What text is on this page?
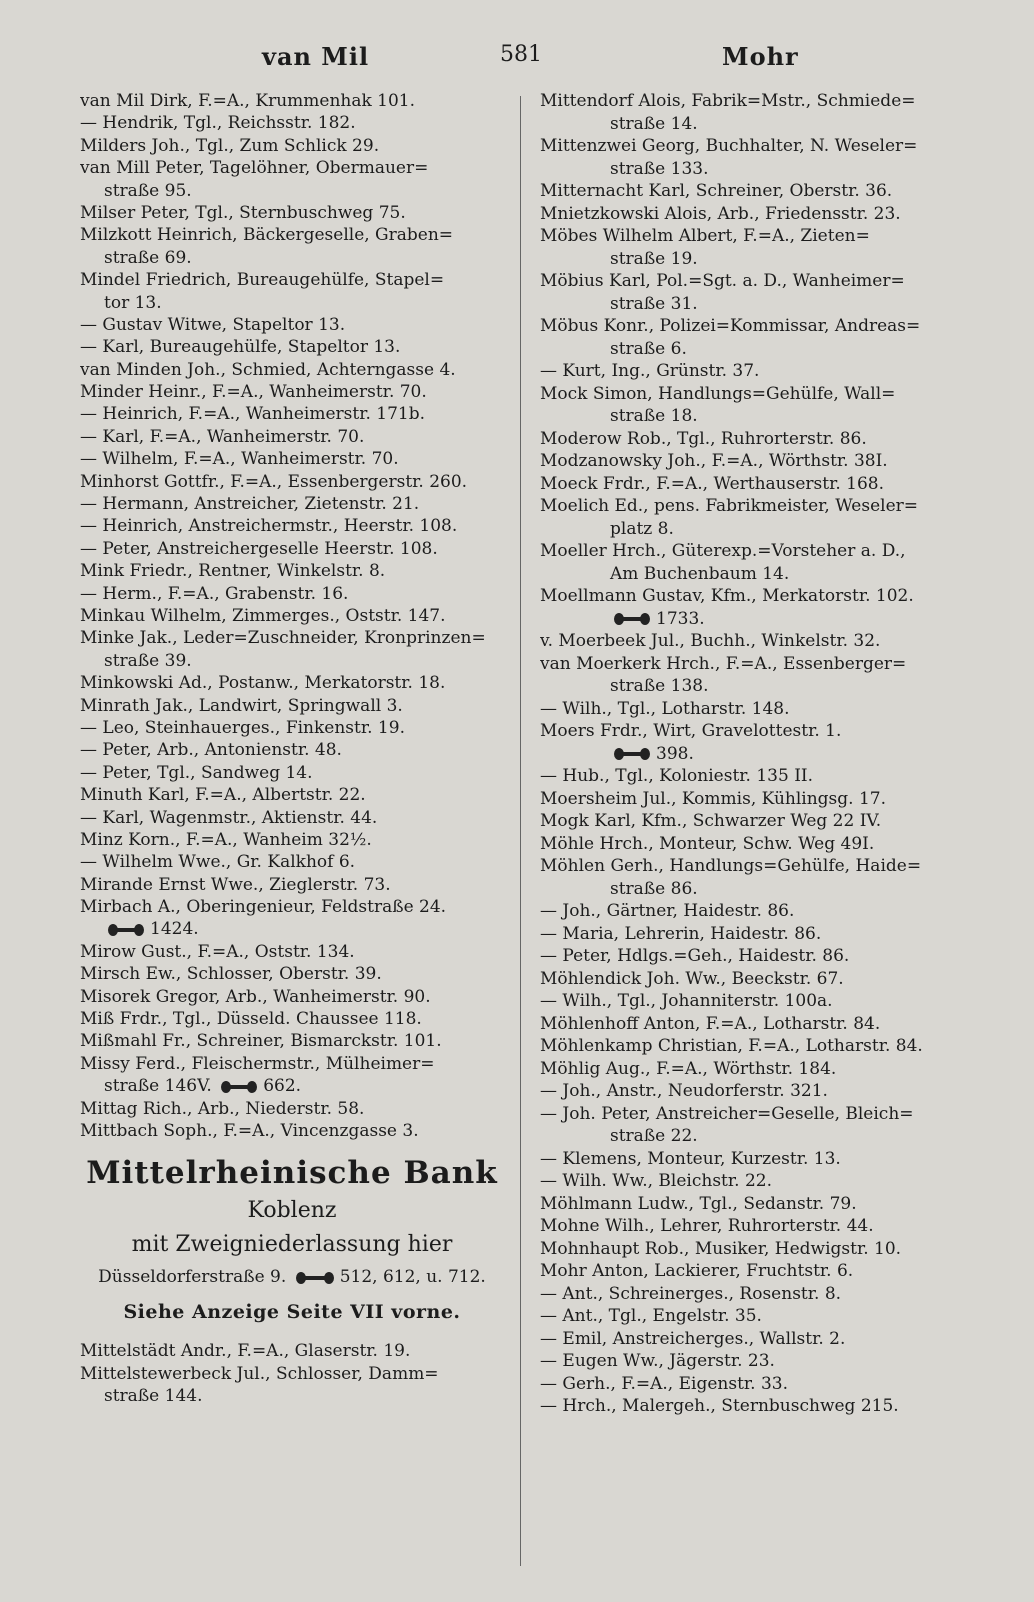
van Mil	581	Mohr
van Mil Dirk, F.=A., Krummenhak 101.
— Hendrik, Tgl., Reichsstr. 182.
Milders Joh., Tgl., Zum Schlick 29.
van Mill Peter, Tagelöhner, Obermauer=
straße 95.
Milser Peter, Tgl., Sternbuschweg 75.
Milzkott Heinrich, Bäckergeselle, Graben=
straße 69.
Mindel Friedrich, Bureaugehülfe, Stapel=
tor 13.
— Gustav Witwe, Stapeltor 13.
— Karl, Bureaugehülfe, Stapeltor 13.
van Minden Joh., Schmied, Achterngasse 4.
Minder Heinr., F.=A., Wanheimerstr. 70.
— Heinrich, F.=A., Wanheimerstr. 171b.
— Karl, F.=A., Wanheimerstr. 70.
— Wilhelm, F.=A., Wanheimerstr. 70.
Minhorst Gottfr., F.=A., Essenbergerstr. 260.
— Hermann, Anstreicher, Zietenstr. 21.
— Heinrich, Anstreichermstr., Heerstr. 108.
— Peter, Anstreichergeselle Heerstr. 108.
Mink Friedr., Rentner, Winkelstr. 8.
— Herm., F.=A., Grabenstr. 16.
Minkau Wilhelm, Zimmerges., Oststr. 147.
Minke Jak., Leder=Zuschneider, Kronprinzen=
straße 39.
Minkowski Ad., Postanw., Merkatorstr. 18.
Minrath Jak., Landwirt, Springwall 3.
— Leo, Steinhauerges., Finkenstr. 19.
— Peter, Arb., Antonienstr. 48.
— Peter, Tgl., Sandweg 14.
Minuth Karl, F.=A., Albertstr. 22.
— Karl, Wagenmstr., Aktienstr. 44.
Minz Korn., F.=A., Wanheim 32½.
— Wilhelm Wwe., Gr. Kalkhof 6.
Mirande Ernst Wwe., Zieglerstr. 73.
Mirbach A., Oberingenieur, Feldstraße 24.
1424.
Mirow Gust., F.=A., Oststr. 134.
Mirsch Ew., Schlosser, Oberstr. 39.
Misorek Gregor, Arb., Wanheimerstr. 90.
Miß Frdr., Tgl., Düsseld. Chaussee 118.
Mißmahl Fr., Schreiner, Bismarckstr. 101.
Missy Ferd., Fleischermstr., Mülheimer=
straße 146V.	662.
Mittag Rich., Arb., Niederstr. 58.
Mittbach Soph., F.=A., Vincenzgasse 3.
Mittelrheinische Bank
Koblenz
mit Zweigniederlassung hier
Düsseldorferstraße 9.	512, 612, u. 712.
Siehe Anzeige Seite VII vorne.
Mittelstädt Andr., F.=A., Glaserstr. 19.
Mittelstewerbeck Jul., Schlosser, Damm=
straße 144.
Mittendorf Alois, Fabrik=Mstr., Schmiede=
straße 14.
Mittenzwei Georg, Buchhalter, N. Weseler=
straße 133.
Mitternacht Karl, Schreiner, Oberstr. 36.
Mnietzkowski Alois, Arb., Friedensstr. 23.
Möbes Wilhelm Albert, F.=A., Zieten=
straße 19.
Möbius Karl, Pol.=Sgt. a. D., Wanheimer=
straße 31.
Möbus Konr., Polizei=Kommissar, Andreas=
straße 6.
— Kurt, Ing., Grünstr. 37.
Mock Simon, Handlungs=Gehülfe, Wall=
straße 18.
Moderow Rob., Tgl., Ruhrorterstr. 86.
Modzanowsky Joh., F.=A., Wörthstr. 38I.
Moeck Frdr., F.=A., Werthauserstr. 168.
Moelich Ed., pens. Fabrikmeister, Weseler=
platz 8.
Moeller Hrch., Güterexp.=Vorsteher a. D.,
Am Buchenbaum 14.
Moellmann Gustav, Kfm., Merkatorstr. 102.
1733.
v. Moerbeek Jul., Buchh., Winkelstr. 32.
van Moerkerk Hrch., F.=A., Essenberger=
straße 138.
— Wilh., Tgl., Lotharstr. 148.
Moers Frdr., Wirt, Gravelottestr. 1.
398.
— Hub., Tgl., Koloniestr. 135 II.
Moersheim Jul., Kommis, Kühlingsg. 17.
Mogk Karl, Kfm., Schwarzer Weg 22 IV.
Möhle Hrch., Monteur, Schw. Weg 49I.
Möhlen Gerh., Handlungs=Gehülfe, Haide=
straße 86.
— Joh., Gärtner, Haidestr. 86.
— Maria, Lehrerin, Haidestr. 86.
— Peter, Hdlgs.=Geh., Haidestr. 86.
Möhlendick Joh. Ww., Beeckstr. 67.
— Wilh., Tgl., Johanniterstr. 100a.
Möhlenhoff Anton, F.=A., Lotharstr. 84.
Möhlenkamp Christian, F.=A., Lotharstr. 84.
Möhlig Aug., F.=A., Wörthstr. 184.
— Joh., Anstr., Neudorferstr. 321.
— Joh. Peter, Anstreicher=Geselle, Bleich=
straße 22.
— Klemens, Monteur, Kurzestr. 13.
— Wilh. Ww., Bleichstr. 22.
Möhlmann Ludw., Tgl., Sedanstr. 79.
Mohne Wilh., Lehrer, Ruhrorterstr. 44.
Mohnhaupt Rob., Musiker, Hedwigstr. 10.
Mohr Anton, Lackierer, Fruchtstr. 6.
— Ant., Schreinerges., Rosenstr. 8.
— Ant., Tgl., Engelstr. 35.
— Emil, Anstreicherges., Wallstr. 2.
— Eugen Ww., Jägerstr. 23.
— Gerh., F.=A., Eigenstr. 33.
— Hrch., Malergeh., Sternbuschweg 215.
